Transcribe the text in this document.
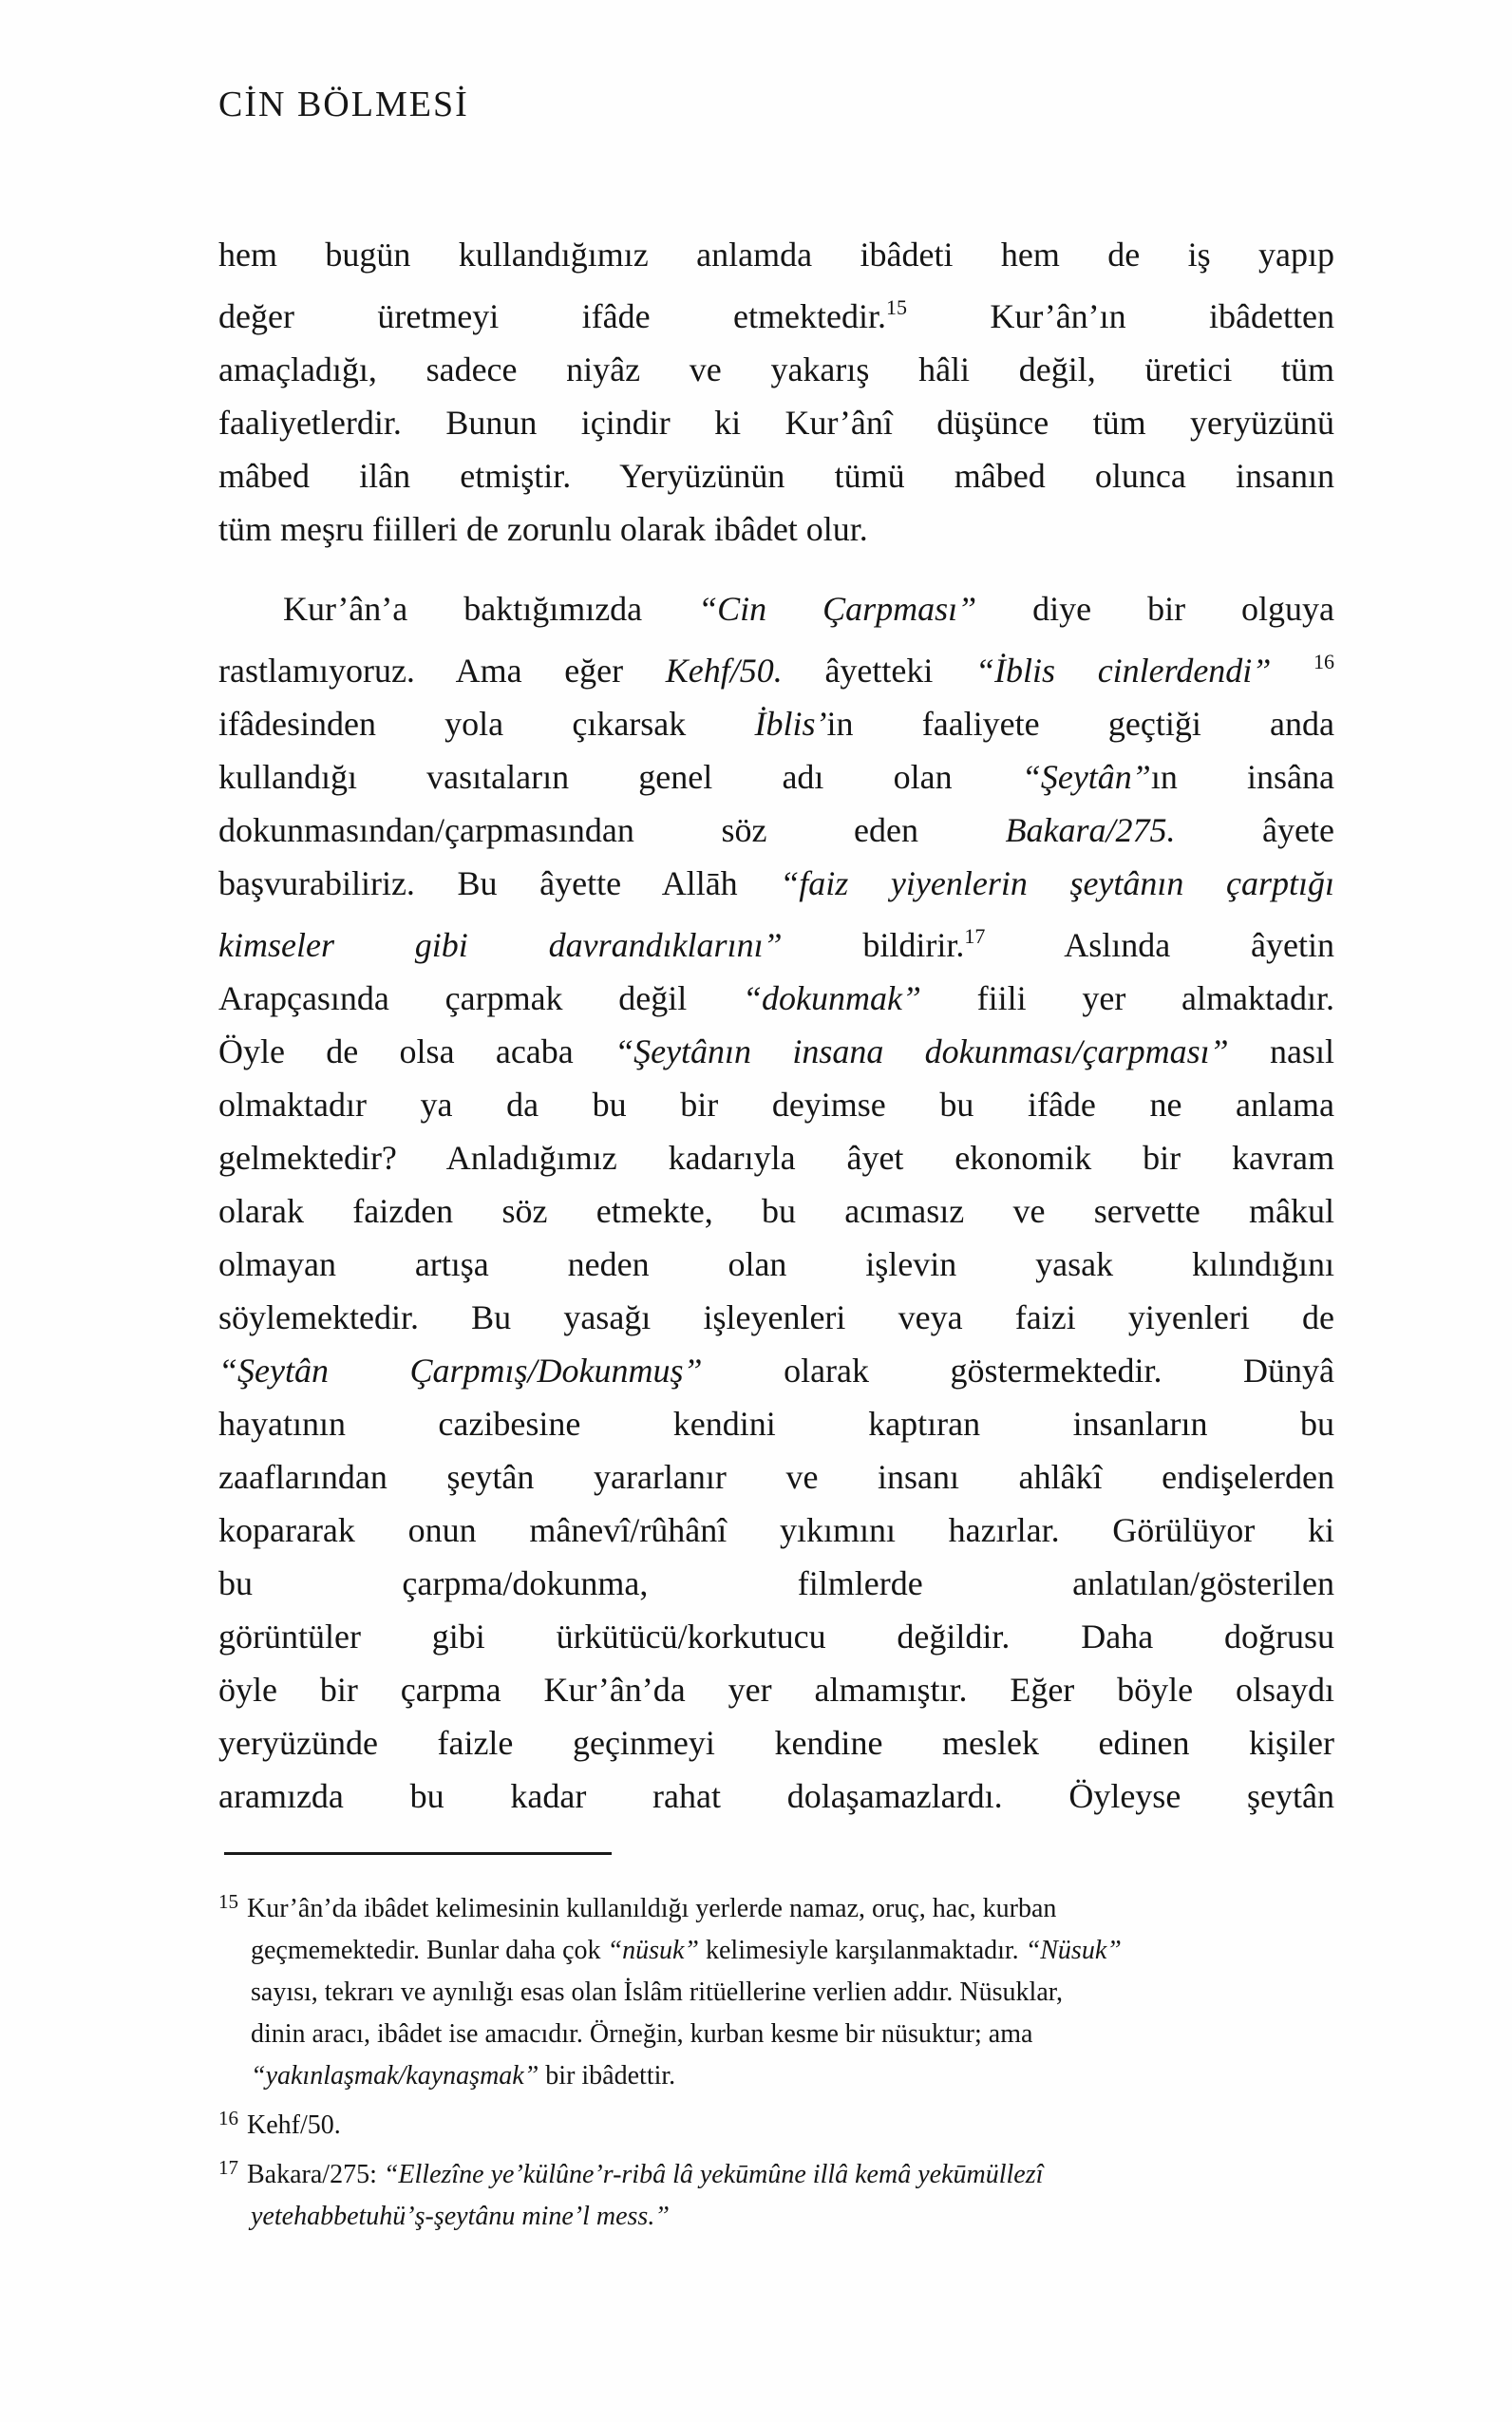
CİN BÖLMESİ
hem bugün kullandığımız anlamda ibâdeti hem de iş yapıp
değer üretmeyi ifâde etmektedir.$^{15}$ Kur’ân’ın ibâdetten
amaçladığı, sadece niyâz ve yakarış hâli değil, üretici tüm
faaliyetlerdir. Bunun içindir ki Kur’ânî düşünce tüm yeryüzünü
mâbed ilân etmiştir. Yeryüzünün tümü mâbed olunca insanın
tüm meşru fiilleri de zorunlu olarak ibâdet olur.
Kur’ân’a baktığımızda “Cin Çarpması” diye bir olguya
rastlamıyoruz. Ama eğer Kehf/50. âyetteki “İblis cinlerdendi” $^{16}$
ifâdesinden yola çıkarsak İblis’in faaliyete geçtiği anda
kullandığı vasıtaların genel adı olan “Şeytân”ın insâna
dokunmasından/çarpmasından söz eden Bakara/275. âyete
başvurabiliriz. Bu âyette Allāh “faiz yiyenlerin şeytânın çarptığı
kimseler gibi davrandıklarını” bildirir.$^{17}$ Aslında âyetin
Arapçasında çarpmak değil “dokunmak” fiili yer almaktadır.
Öyle de olsa acaba “Şeytânın insana dokunması/çarpması” nasıl
olmaktadır ya da bu bir deyimse bu ifâde ne anlama
gelmektedir? Anladığımız kadarıyla âyet ekonomik bir kavram
olarak faizden söz etmekte, bu acımasız ve servette mâkul
olmayan artışa neden olan işlevin yasak kılındığını
söylemektedir. Bu yasağı işleyenleri veya faizi yiyenleri de
“Şeytân Çarpmış/Dokunmuş” olarak göstermektedir. Dünyâ
hayatının cazibesine kendini kaptıran insanların bu
zaaflarından şeytân yararlanır ve insanı ahlâkî endişelerden
kopararak onun mânevî/rûhânî yıkımını hazırlar. Görülüyor ki
bu çarpma/dokunma, filmlerde anlatılan/gösterilen
görüntüler gibi ürkütücü/korkutucu değildir. Daha doğrusu
öyle bir çarpma Kur’ân’da yer almamıştır. Eğer böyle olsaydı
yeryüzünde faizle geçinmeyi kendine meslek edinen kişiler
aramızda bu kadar rahat dolaşamazlardı. Öyleyse şeytân
$^{15}$ Kur’ân’da ibâdet kelimesinin kullanıldığı yerlerde namaz, oruç, hac, kurban
geçmemektedir. Bunlar daha çok “nüsuk” kelimesiyle karşılanmaktadır. “Nüsuk”
sayısı, tekrarı ve aynılığı esas olan İslâm ritüellerine verlien addır. Nüsuklar,
dinin aracı, ibâdet ise amacıdır. Örneğin, kurban kesme bir nüsuktur; ama
“yakınlaşmak/kaynaşmak” bir ibâdettir.
$^{16}$ Kehf/50.
$^{17}$ Bakara/275: “Ellezîne ye’külûne’r-ribâ lâ yekūmûne illâ kemâ yekūmüllezî
yetehabbetuhü’ş-şeytânu mine’l mess.”
